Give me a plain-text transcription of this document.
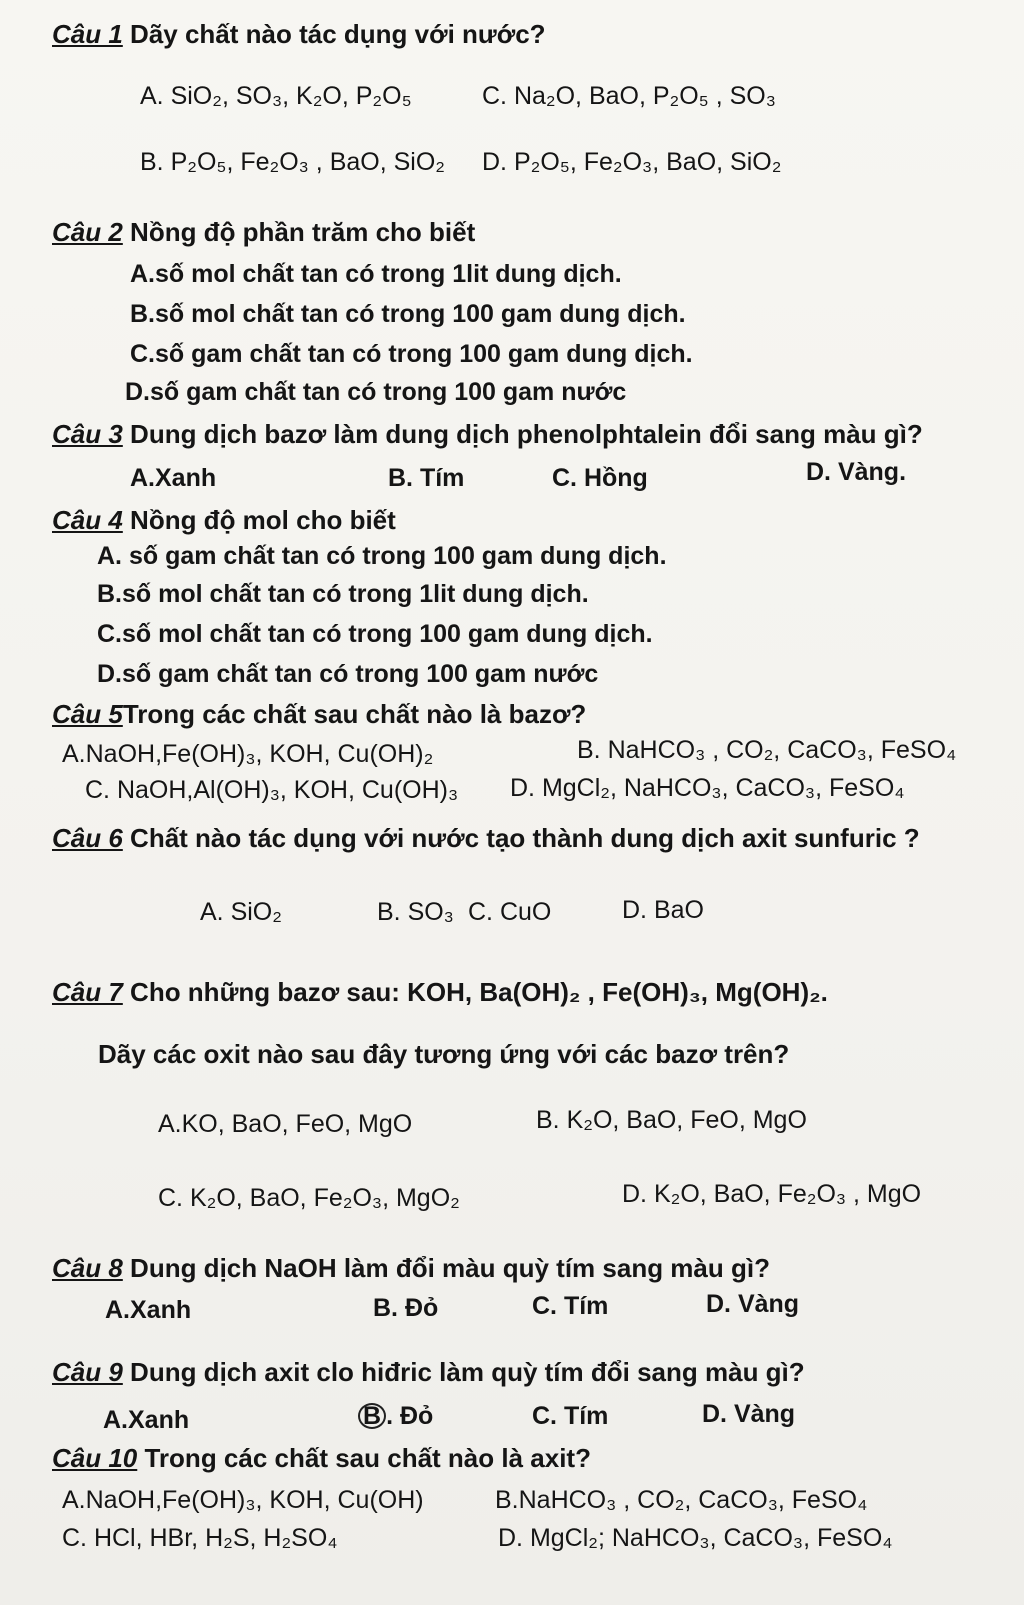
Câu 1 Dãy chất nào tác dụng với nước?
A. SiO₂, SO₃, K₂O, P₂O₅	C. Na₂O, BaO, P₂O₅ , SO₃
B. P₂O₅, Fe₂O₃ , BaO, SiO₂ D. P₂O₅, Fe₂O₃, BaO, SiO₂
Câu 2 Nồng độ phần trăm cho biết
A.số mol chất tan có trong 1lit dung dịch.
B.số mol chất tan có trong 100 gam dung dịch.
C.số gam chất tan có trong 100 gam dung dịch.
D.số gam chất tan có trong 100 gam nước
Câu 3 Dung dịch bazơ làm dung dịch phenolphtalein đổi sang màu gì?
A.Xanh	B. Tím	C. Hồng	D. Vàng.
Câu 4 Nồng độ mol cho biết
A. số gam chất tan có trong 100 gam dung dịch.
B.số mol chất tan có trong 1lit dung dịch.
C.số mol chất tan có trong 100 gam dung dịch.
D.số gam chất tan có trong 100 gam nước
Câu 5Trong các chất sau chất nào là bazơ?
A.NaOH,Fe(OH)₃, KOH, Cu(OH)₂	B. NaHCO₃ , CO₂, CaCO₃, FeSO₄
C. NaOH,Al(OH)₃, KOH, Cu(OH)₃ D. MgCl₂, NaHCO₃, CaCO₃, FeSO₄
Câu 6 Chất nào tác dụng với nước tạo thành dung dịch axit sunfuric ?
A. SiO₂	B. SO₃ C. CuO	D. BaO
Câu 7 Cho những bazơ sau: KOH, Ba(OH)₂ , Fe(OH)₃, Mg(OH)₂.
Dãy các oxit nào sau đây tương ứng với các bazơ trên?
A.KO, BaO, FeO, MgO	B. K₂O, BaO, FeO, MgO
C. K₂O, BaO, Fe₂O₃, MgO₂	D. K₂O, BaO, Fe₂O₃ , MgO
Câu 8 Dung dịch NaOH làm đổi màu quỳ tím sang màu gì?
A.Xanh	B. Đỏ	C. Tím	D. Vàng
Câu 9 Dung dịch axit clo hiđric làm quỳ tím đổi sang màu gì?
A.Xanh	B . Đỏ	C. Tím	D. Vàng
Câu 10 Trong các chất sau chất nào là axit?
A.NaOH,Fe(OH)₃, KOH, Cu(OH)	B.NaHCO₃ , CO₂, CaCO₃, FeSO₄
C. HCl, HBr, H₂S, H₂SO₄	D. MgCl₂; NaHCO₃, CaCO₃, FeSO₄
